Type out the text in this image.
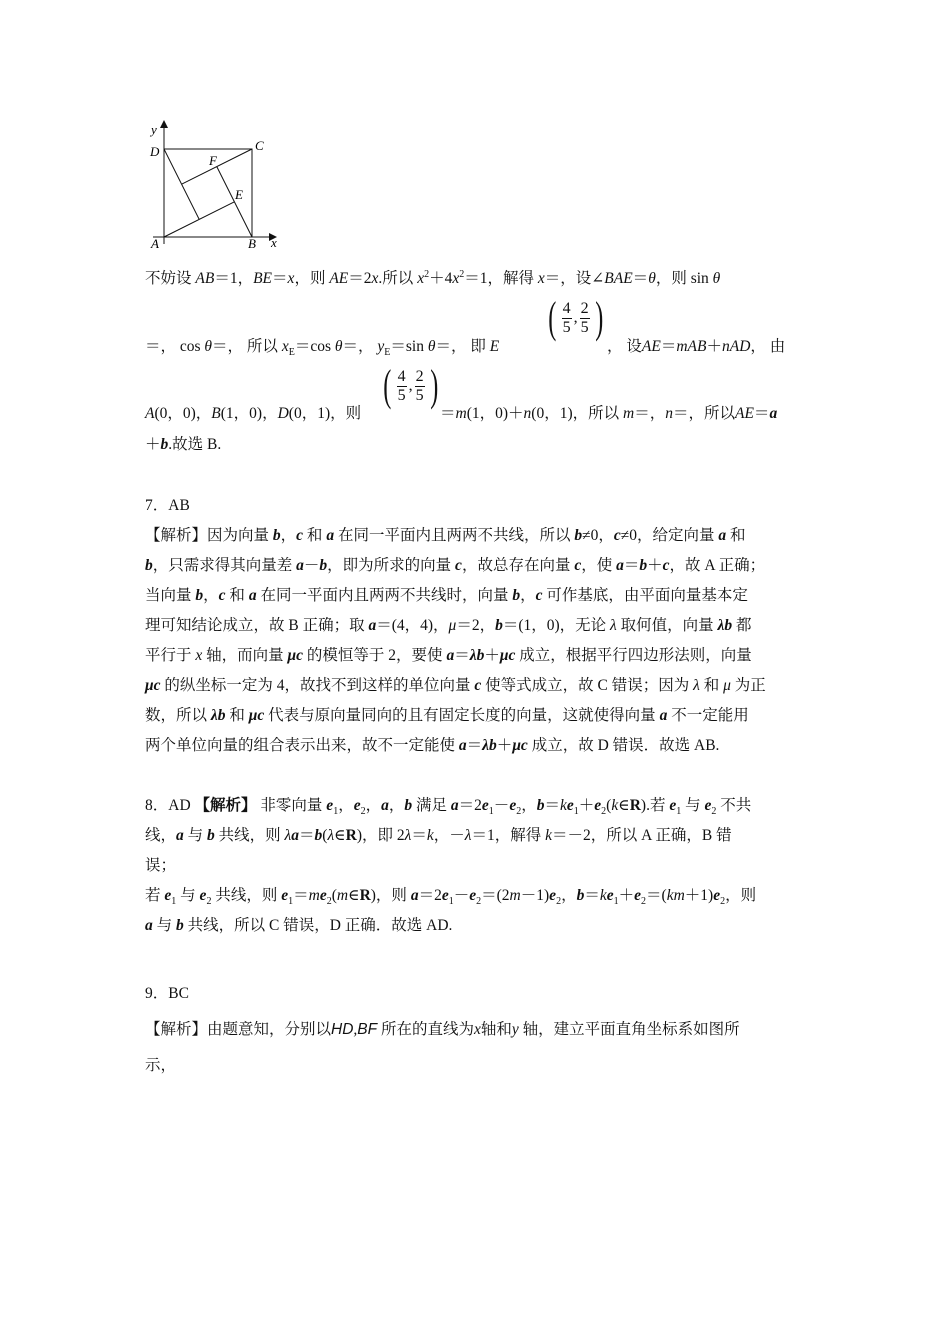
y
D	C
F
E
A	B x
不妨设 AB＝1，BE＝x，则 AE＝2x.所以 $x^2+4x^2=1$，解得 x＝，设∠BAE＝θ，则 sin θ
＝， cos θ＝， 所以 $x_E=\cos$ θ＝， $y_E=\sin$ θ＝， 即 E
( $\frac{4}{5}$ , $\frac{2}{5}$ )
， 设AE＝mAB＋nAD， 由
A(0，0)，B(1，0)，D(0，1)，则
( $\frac{4}{5}$ , $\frac{2}{5}$ )
＝m(1，0)＋n(0，1)，所以 m＝，n＝，所以AE＝a
＋b.故选 B.
7．AB
【解析】因为向量 b，c 和 a 在同一平面内且两两不共线，所以 b≠0，c≠0，给定向量 a 和
b，只需求得其向量差 a－b，即为所求的向量 c，故总存在向量 c，使 a＝b＋c，故 A 正确；
当向量 b，c 和 a 在同一平面内且两两不共线时，向量 b，c 可作基底，由平面向量基本定
理可知结论成立，故 B 正确；取 a＝(4，4)，μ＝2，b＝(1，0)，无论 λ 取何值，向量 λb 都
平行于 x 轴，而向量 μc 的模恒等于 2，要使 a＝λb＋μc 成立，根据平行四边形法则，向量
μc 的纵坐标一定为 4，故找不到这样的单位向量 c 使等式成立，故 C 错误；因为 λ 和 μ 为正
数，所以 λb 和 μc 代表与原向量同向的且有固定长度的向量，这就使得向量 a 不一定能用
两个单位向量的组合表示出来，故不一定能使 a＝λb＋μc 成立，故 D 错误．故选 AB.
8．AD 【解析】 非零向量 $e_1$，$e_2$，a，b 满足 $a=2e_1-e_2$，$b=ke_1+e_2(k\in R)$.若 $e_1$ 与 $e_2$ 不共
线，a 与 b 共线，则 λa＝b(λ∈R)，即 2λ＝k，－λ＝1，解得 k＝－2，所以 A 正确，B 错
误；
若 $e_1$ 与 $e_2$ 共线，则 $e_1=me_2(m\in R)$，则 $a=2e_1-e_2=(2m-1)e_2$，$b=ke_1+e_2=(km+1)e_2$，则
a 与 b 共线，所以 C 错误，D 正确．故选 AD.
9．BC
【解析】由题意知，分别以HD,BF 所在的直线为x轴和y 轴，建立平面直角坐标系如图所
示，
